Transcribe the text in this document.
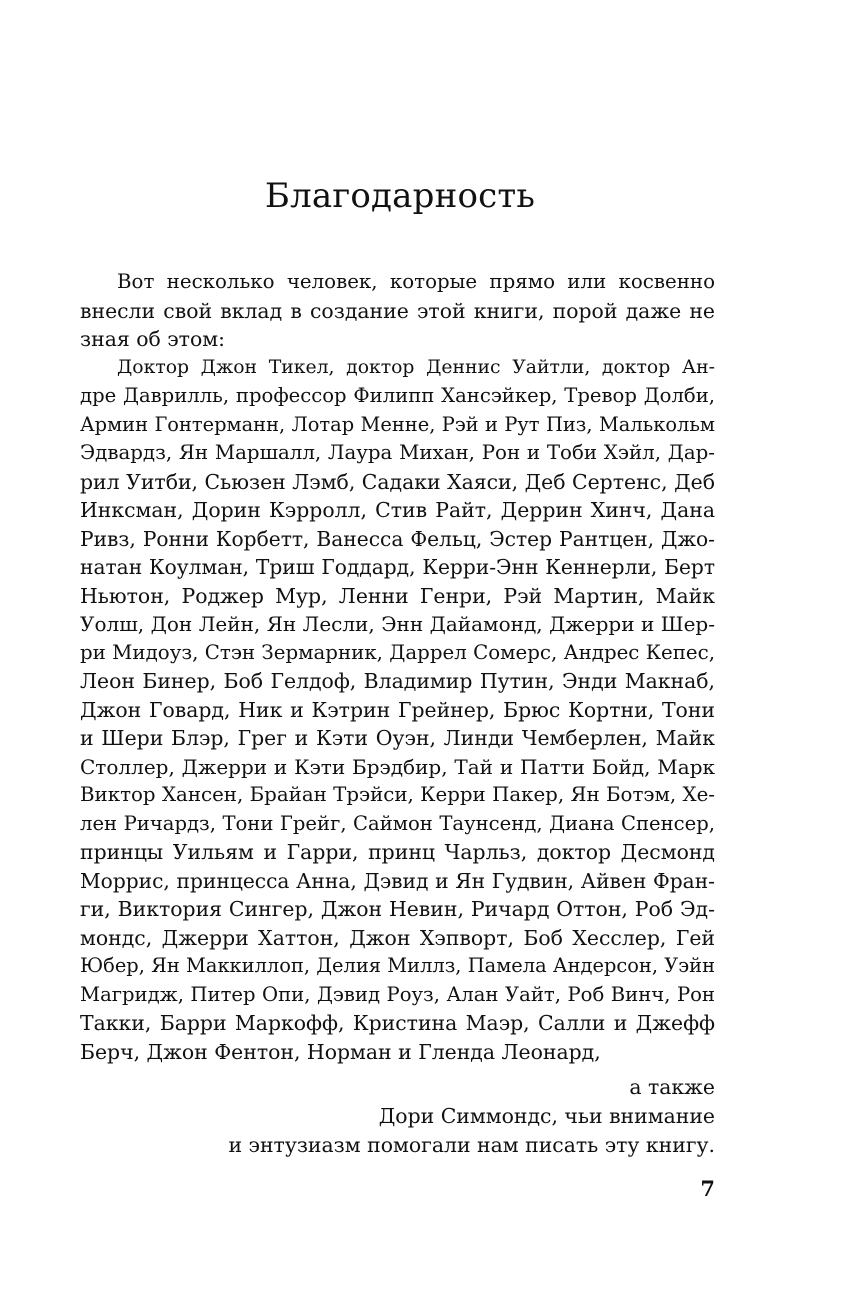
Благодарность

Вот несколько человек, которые прямо или косвенно
внесли свой вклад в создание этой книги, порой даже не
зная об этом:

Доктор Джон Тикел, доктор Деннис Уайтли, доктор Ан-
дре Даврилль, профессор Филипп Хансэйкер, Тревор Долби,
Армин Гонтерманн, Лотар Менне, Рэй и Рут Пиз, Малькольм
Эдвардз, Ян Маршалл, Лаура Михан, Рон и Тоби Хэйл, Дар-
рил Уитби, Сьюзен Лэмб, Садаки Хаяси, Деб Сертенс, Деб
Инксман, Дорин Кэрролл, Стив Райт, Деррин Хинч, Дана
Ривз, Ронни Корбетт, Ванесса Фельц, Эстер Рантцен, Джо-
натан Коулман, Триш Годдард, Керри-Энн Кеннерли, Берт
Ньютон, Роджер Мур, Ленни Генри, Рэй Мартин, Майк
Уолш, Дон Лейн, Ян Лесли, Энн Дайамонд, Джерри и Шер-
ри Мидоуз, Стэн Зермарник, Даррел Сомерс, Андрес Кепес,
Леон Бинер, Боб Гелдоф, Владимир Путин, Энди Макнаб,
Джон Говард, Ник и Кэтрин Грейнер, Брюс Кортни, Тони
и Шери Блэр, Грег и Кэти Оуэн, Линди Чемберлен, Майк
Столлер, Джерри и Кэти Брэдбир, Тай и Патти Бойд, Марк
Виктор Хансен, Брайан Трэйси, Керри Пакер, Ян Ботэм, Хе-
лен Ричардз, Тони Грейг, Саймон Таунсенд, Диана Спенсер,
принцы Уильям и Гарри, принц Чарльз, доктор Десмонд
Моррис, принцесса Анна, Дэвид и Ян Гудвин, Айвен Фран-
ги, Виктория Сингер, Джон Невин, Ричард Оттон, Роб Эд-
мондс, Джерри Хаттон, Джон Хэпворт, Боб Хесслер, Гей
Юбер, Ян Маккиллоп, Делия Миллз, Памела Андерсон, Уэйн
Магридж, Питер Опи, Дэвид Роуз, Алан Уайт, Роб Винч, Рон
Такки, Барри Маркофф, Кристина Маэр, Салли и Джефф
Берч, Джон Фентон, Норман и Гленда Леонард,

а также
Дори Симмондс, чьи внимание
и энтузиазм помогали нам писать эту книгу.
7
